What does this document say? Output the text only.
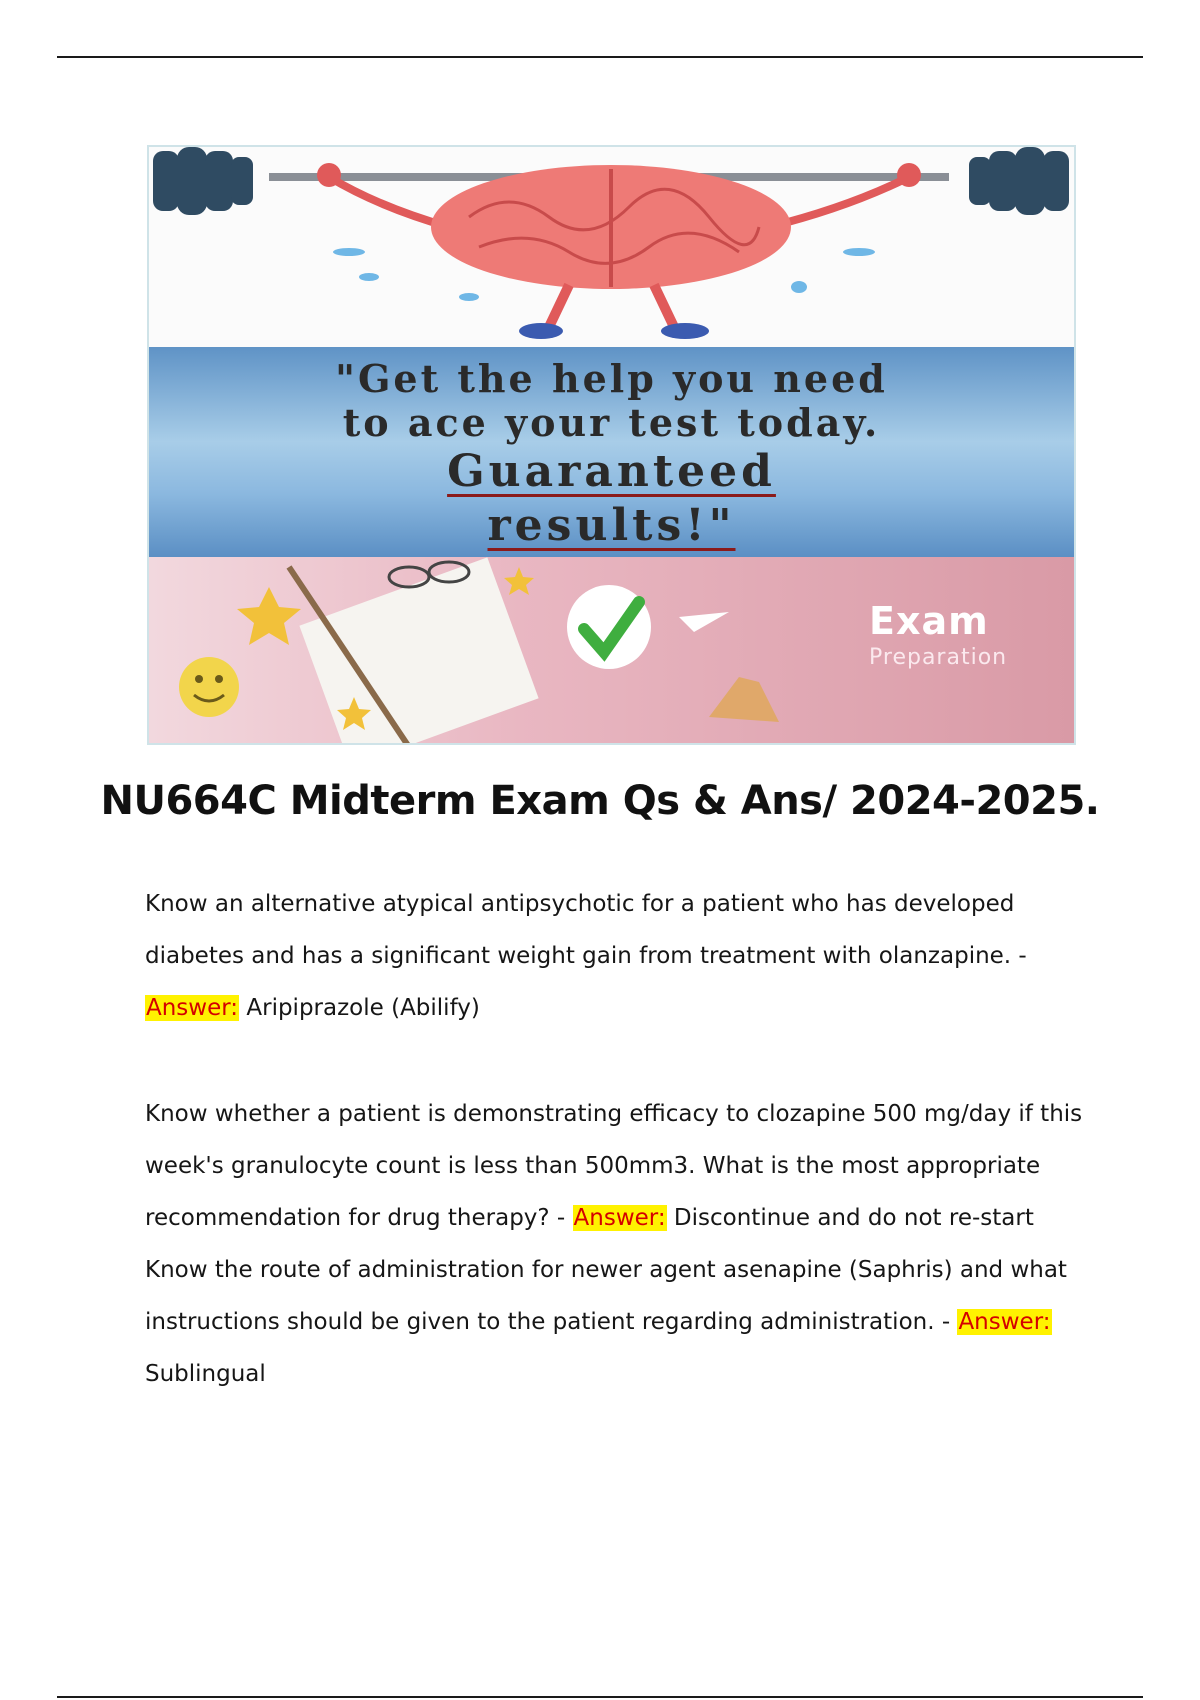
"Get the help you need
to ace your test today.
Guaranteed
results!"
Exam
Preparation
NU664C Midterm Exam Qs & Ans/ 2024-2025.

Know an alternative atypical antipsychotic for a patient who has developed diabetes and has a significant weight gain from treatment with olanzapine. -
Answer: Aripiprazole (Abilify)

Know whether a patient is demonstrating efficacy to clozapine 500 mg/day if this week's granulocyte count is less than 500mm3. What is the most appropriate recommendation for drug therapy? - Answer: Discontinue and do not re-start
Know the route of administration for newer agent asenapine (Saphris) and what instructions should be given to the patient regarding administration. - Answer:
Sublingual
